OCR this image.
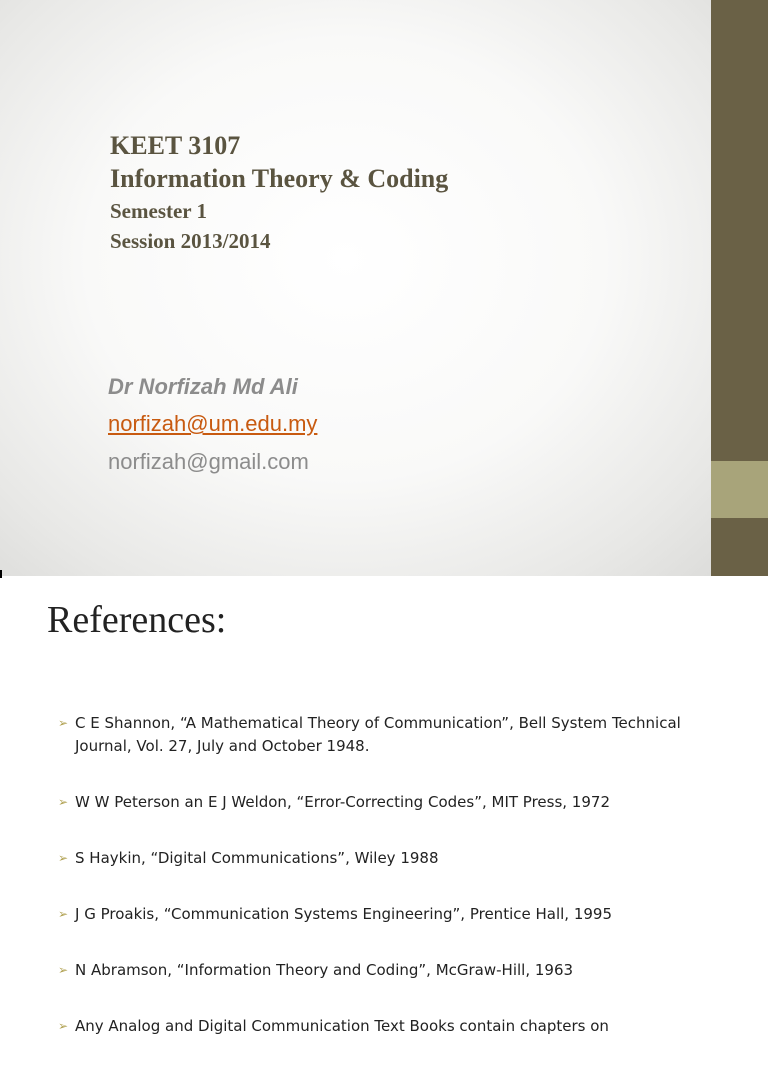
KEET 3107
Information Theory & Coding
Semester 1
Session 2013/2014
Dr Norfizah Md Ali
norfizah@um.edu.my
norfizah@gmail.com
References:
➢ C E Shannon, “A Mathematical Theory of Communication”, Bell System Technical Journal, Vol. 27, July and October 1948.
➢ W W Peterson an E J Weldon, “Error-Correcting Codes”, MIT Press, 1972
➢ S Haykin, “Digital Communications”, Wiley 1988
➢ J G Proakis, “Communication Systems Engineering”, Prentice Hall, 1995
➢ N Abramson, “Information Theory and Coding”, McGraw-Hill, 1963
➢ Any Analog and Digital Communication Text Books contain chapters on
